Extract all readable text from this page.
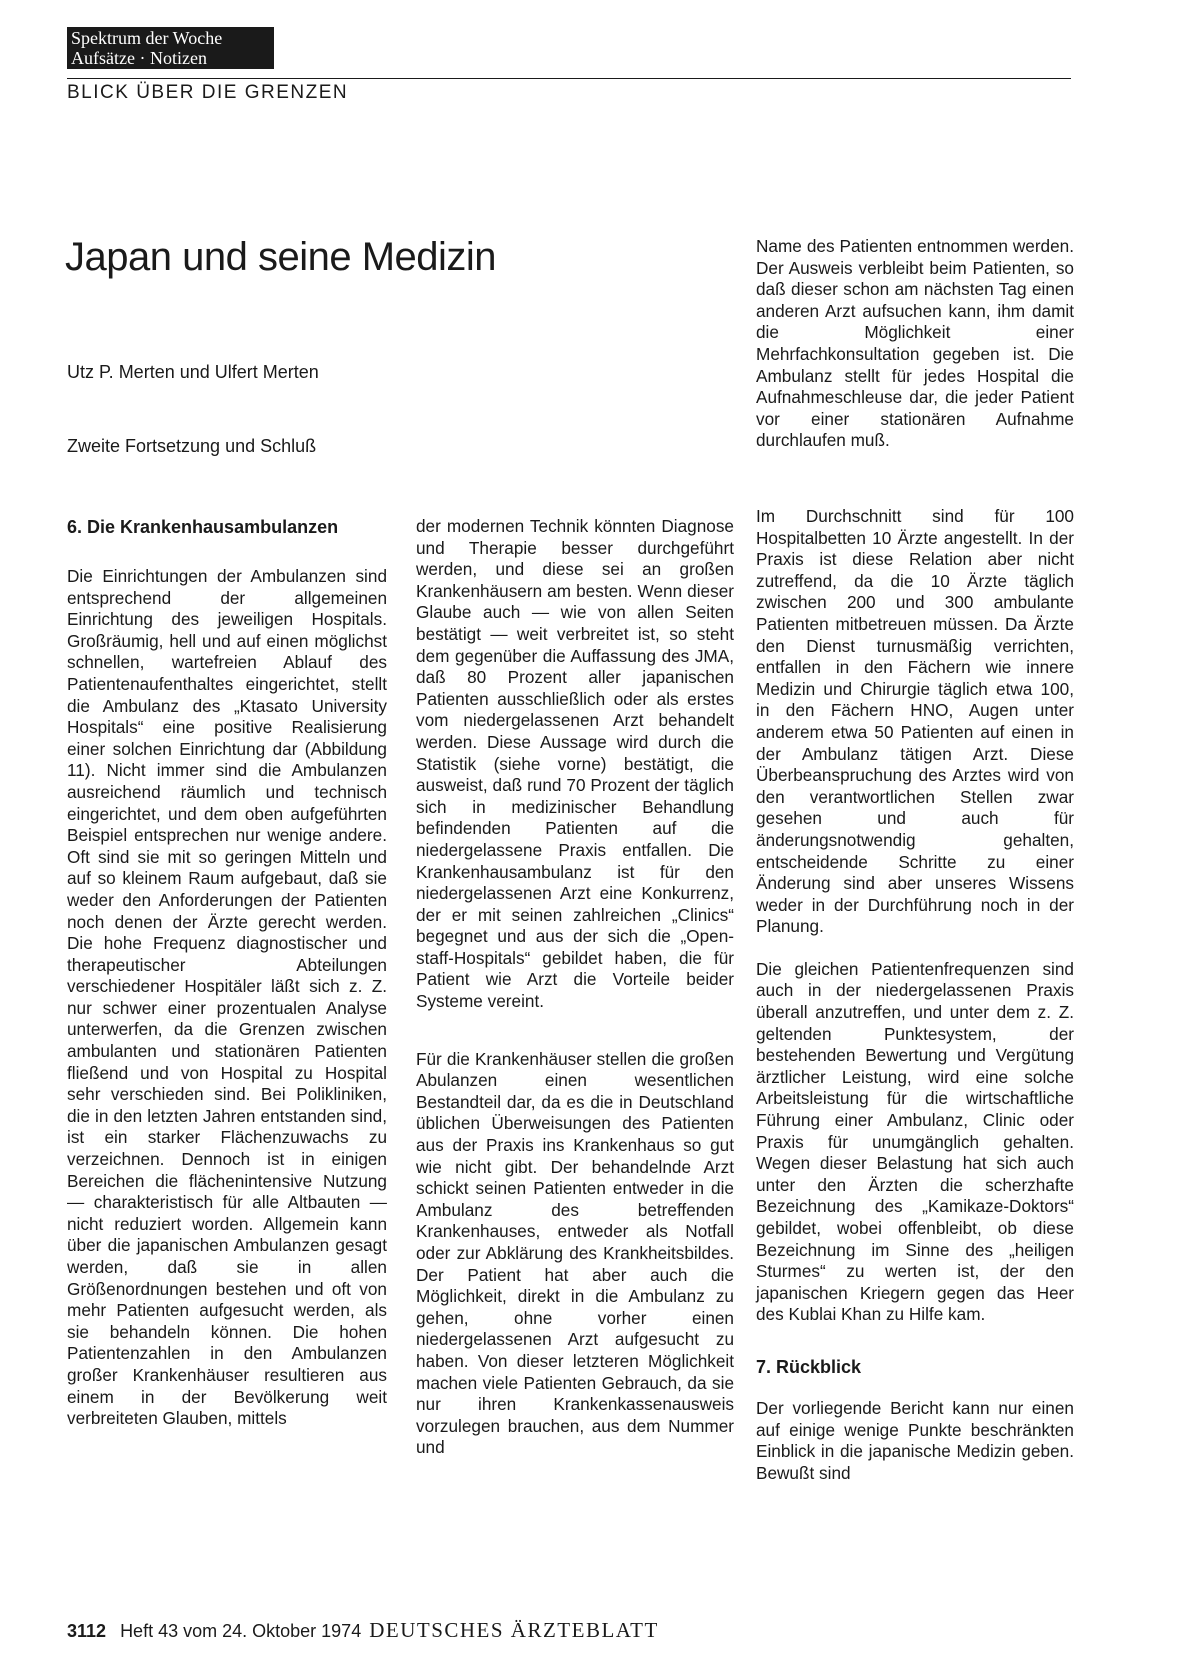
Spektrum der Woche
Aufsätze · Notizen
BLICK ÜBER DIE GRENZEN
Japan und seine Medizin
Utz P. Merten und Ulfert Merten
Zweite Fortsetzung und Schluß
6. Die Krankenhausambulanzen

Die Einrichtungen der Ambulanzen sind entsprechend der allgemeinen Einrichtung des jeweiligen Hospitals. Großräumig, hell und auf einen möglichst schnellen, wartefreien Ablauf des Patientenaufenthaltes eingerichtet, stellt die Ambulanz des „Ktasato University Hospitals“ eine positive Realisierung einer solchen Einrichtung dar (Abbildung 11). Nicht immer sind die Ambulanzen ausreichend räumlich und technisch eingerichtet, und dem oben aufgeführten Beispiel entsprechen nur wenige andere. Oft sind sie mit so geringen Mitteln und auf so kleinem Raum aufgebaut, daß sie weder den Anforderungen der Patienten noch denen der Ärzte gerecht werden. Die hohe Frequenz diagnostischer und therapeutischer Abteilungen verschiedener Hospitäler läßt sich z. Z. nur schwer einer prozentualen Analyse unterwerfen, da die Grenzen zwischen ambulanten und stationären Patienten fließend und von Hospital zu Hospital sehr verschieden sind. Bei Polikliniken, die in den letzten Jahren entstanden sind, ist ein starker Flächenzuwachs zu verzeichnen. Dennoch ist in einigen Bereichen die flächenintensive Nutzung — charakteristisch für alle Altbauten — nicht reduziert worden. Allgemein kann über die japanischen Ambulanzen gesagt werden, daß sie in allen Größenordnungen bestehen und oft von mehr Patienten aufgesucht werden, als sie behandeln können. Die hohen Patientenzahlen in den Ambulanzen großer Krankenhäuser resultieren aus einem in der Bevölkerung weit verbreiteten Glauben, mittels

der modernen Technik könnten Diagnose und Therapie besser durchgeführt werden, und diese sei an großen Krankenhäusern am besten. Wenn dieser Glaube auch — wie von allen Seiten bestätigt — weit verbreitet ist, so steht dem gegenüber die Auffassung des JMA, daß 80 Prozent aller japanischen Patienten ausschließlich oder als erstes vom niedergelassenen Arzt behandelt werden. Diese Aussage wird durch die Statistik (siehe vorne) bestätigt, die ausweist, daß rund 70 Prozent der täglich sich in medizinischer Behandlung befindenden Patienten auf die niedergelassene Praxis entfallen. Die Krankenhausambulanz ist für den niedergelassenen Arzt eine Konkurrenz, der er mit seinen zahlreichen „Clinics“ begegnet und aus der sich die „Open-staff-Hospitals“ gebildet haben, die für Patient wie Arzt die Vorteile beider Systeme vereint.

Für die Krankenhäuser stellen die großen Abulanzen einen wesentlichen Bestandteil dar, da es die in Deutschland üblichen Überweisungen des Patienten aus der Praxis ins Krankenhaus so gut wie nicht gibt. Der behandelnde Arzt schickt seinen Patienten entweder in die Ambulanz des betreffenden Krankenhauses, entweder als Notfall oder zur Abklärung des Krankheitsbildes. Der Patient hat aber auch die Möglichkeit, direkt in die Ambulanz zu gehen, ohne vorher einen niedergelassenen Arzt aufgesucht zu haben. Von dieser letzteren Möglichkeit machen viele Patienten Gebrauch, da sie nur ihren Krankenkassenausweis vorzulegen brauchen, aus dem Nummer und

Name des Patienten entnommen werden. Der Ausweis verbleibt beim Patienten, so daß dieser schon am nächsten Tag einen anderen Arzt aufsuchen kann, ihm damit die Möglichkeit einer Mehrfachkonsultation gegeben ist. Die Ambulanz stellt für jedes Hospital die Aufnahmeschleuse dar, die jeder Patient vor einer stationären Aufnahme durchlaufen muß.

Im Durchschnitt sind für 100 Hospitalbetten 10 Ärzte angestellt. In der Praxis ist diese Relation aber nicht zutreffend, da die 10 Ärzte täglich zwischen 200 und 300 ambulante Patienten mitbetreuen müssen. Da Ärzte den Dienst turnusmäßig verrichten, entfallen in den Fächern wie innere Medizin und Chirurgie täglich etwa 100, in den Fächern HNO, Augen unter anderem etwa 50 Patienten auf einen in der Ambulanz tätigen Arzt. Diese Überbeanspruchung des Arztes wird von den verantwortlichen Stellen zwar gesehen und auch für änderungsnotwendig gehalten, entscheidende Schritte zu einer Änderung sind aber unseres Wissens weder in der Durchführung noch in der Planung.

Die gleichen Patientenfrequenzen sind auch in der niedergelassenen Praxis überall anzutreffen, und unter dem z. Z. geltenden Punktesystem, der bestehenden Bewertung und Vergütung ärztlicher Leistung, wird eine solche Arbeitsleistung für die wirtschaftliche Führung einer Ambulanz, Clinic oder Praxis für unumgänglich gehalten. Wegen dieser Belastung hat sich auch unter den Ärzten die scherzhafte Bezeichnung des „Kamikaze-Doktors“ gebildet, wobei offenbleibt, ob diese Bezeichnung im Sinne des „heiligen Sturmes“ zu werten ist, der den japanischen Kriegern gegen das Heer des Kublai Khan zu Hilfe kam.

7. Rückblick

Der vorliegende Bericht kann nur einen auf einige wenige Punkte beschränkten Einblick in die japanische Medizin geben. Bewußt sind

3112 Heft 43 vom 24. Oktober 1974 DEUTSCHES ÄRZTEBLATT
